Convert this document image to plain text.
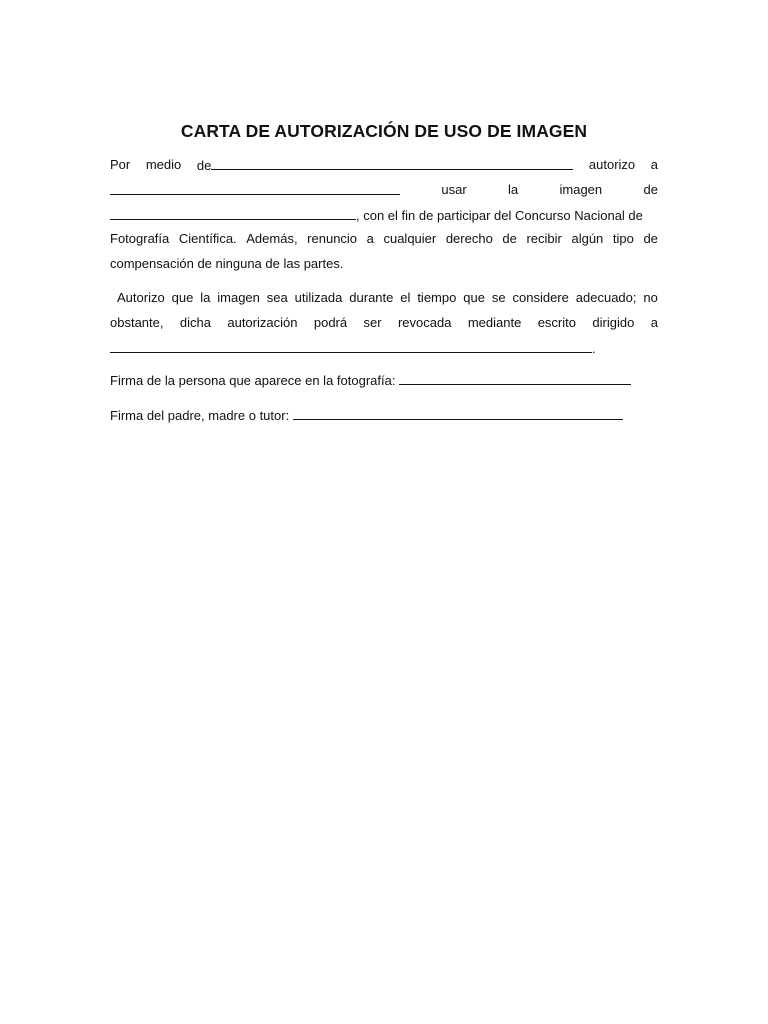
CARTA DE AUTORIZACIÓN DE USO DE IMAGEN
Por medio de	autorizo a
usar	la	imagen	de
, con el fin de participar del Concurso Nacional de
Fotografía Científica. Además, renuncio a cualquier derecho de recibir algún tipo de
compensación de ninguna de las partes.
Autorizo que la imagen sea utilizada durante el tiempo que se considere adecuado; no
obstante, dicha autorización podrá ser revocada mediante escrito dirigido a
.
Firma de la persona que aparece en la fotografía:
Firma del padre, madre o tutor:
